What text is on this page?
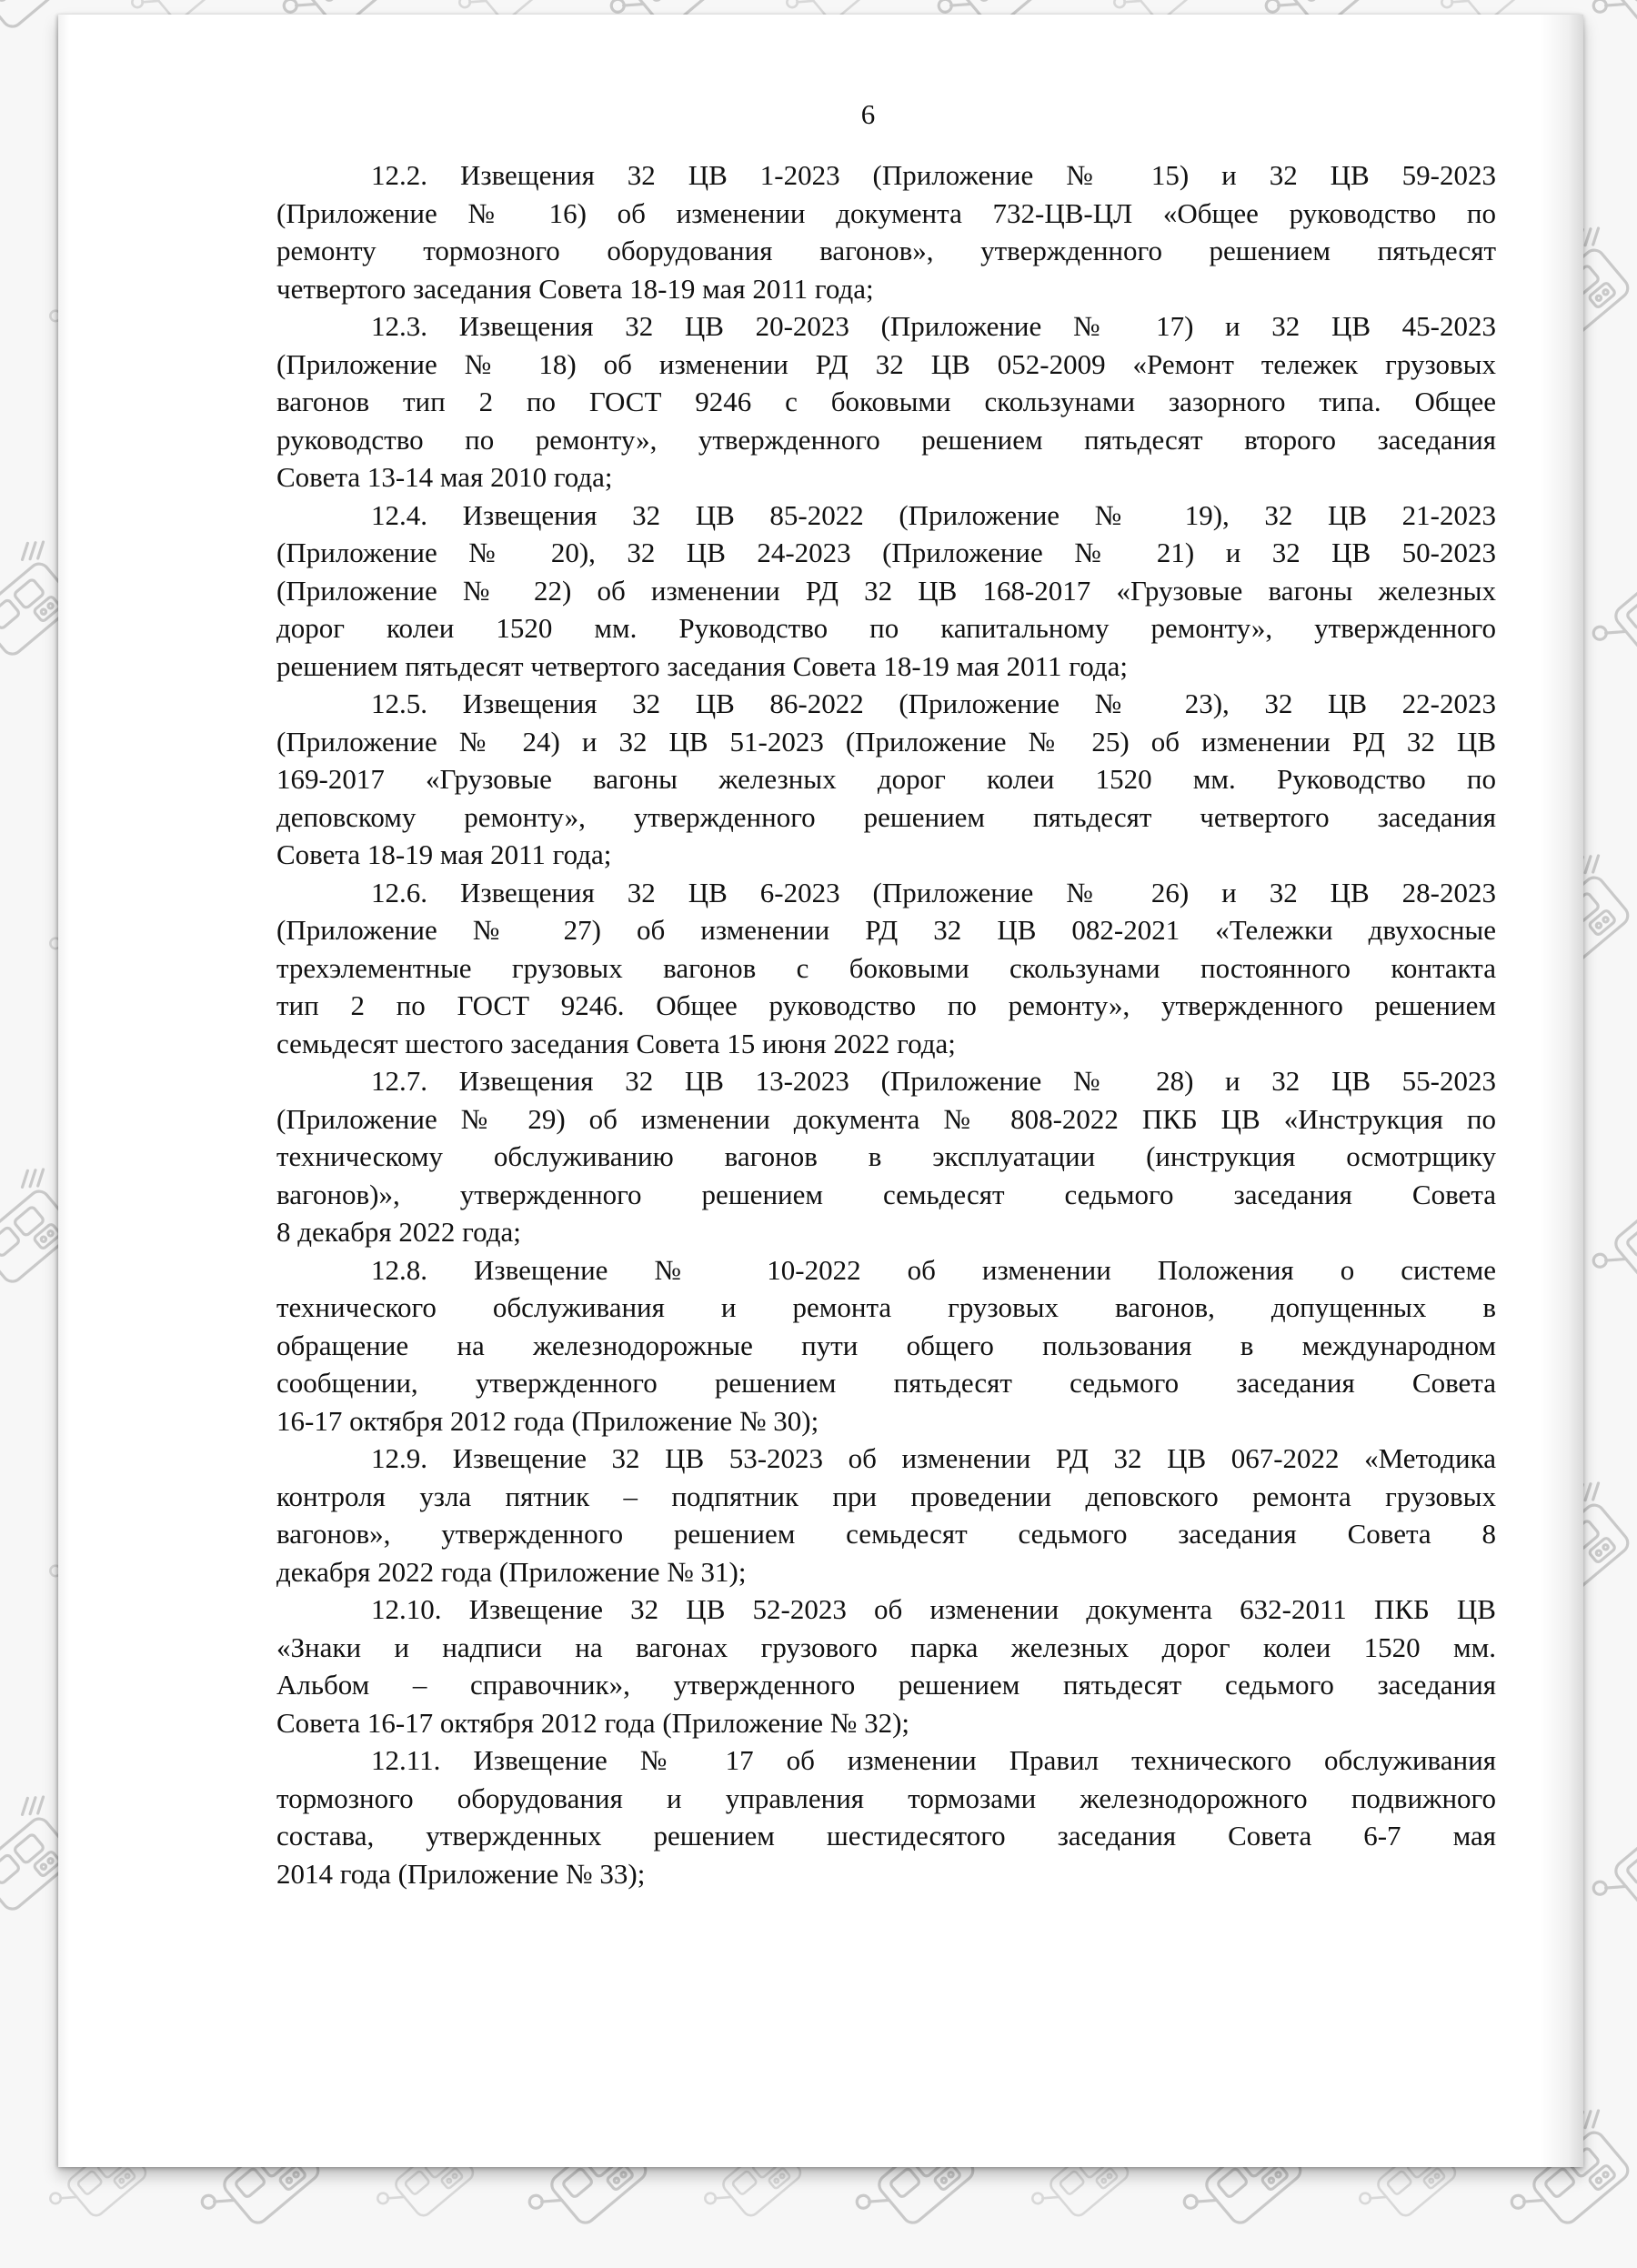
6
12.2. Извещения 32 ЦВ 1-2023 (Приложение № 15) и 32 ЦВ 59-2023
(Приложение № 16) об изменении документа 732-ЦВ-ЦЛ «Общее руководство по
ремонту тормозного оборудования вагонов», утвержденного решением пятьдесят
четвертого заседания Совета 18-19 мая 2011 года;
12.3. Извещения 32 ЦВ 20-2023 (Приложение № 17) и 32 ЦВ 45-2023
(Приложение № 18) об изменении РД 32 ЦВ 052-2009 «Ремонт тележек грузовых
вагонов тип 2 по ГОСТ 9246 с боковыми скользунами зазорного типа. Общее
руководство по ремонту», утвержденного решением пятьдесят второго заседания
Совета 13-14 мая 2010 года;
12.4. Извещения 32 ЦВ 85-2022 (Приложение № 19), 32 ЦВ 21-2023
(Приложение № 20), 32 ЦВ 24-2023 (Приложение № 21) и 32 ЦВ 50-2023
(Приложение № 22) об изменении РД 32 ЦВ 168-2017 «Грузовые вагоны железных
дорог колеи 1520 мм. Руководство по капитальному ремонту», утвержденного
решением пятьдесят четвертого заседания Совета 18-19 мая 2011 года;
12.5. Извещения 32 ЦВ 86-2022 (Приложение № 23), 32 ЦВ 22-2023
(Приложение № 24) и 32 ЦВ 51-2023 (Приложение № 25) об изменении РД 32 ЦВ
169-2017 «Грузовые вагоны железных дорог колеи 1520 мм. Руководство по
деповскому ремонту», утвержденного решением пятьдесят четвертого заседания
Совета 18-19 мая 2011 года;
12.6. Извещения 32 ЦВ 6-2023 (Приложение № 26) и 32 ЦВ 28-2023
(Приложение № 27) об изменении РД 32 ЦВ 082-2021 «Тележки двухосные
трехэлементные грузовых вагонов с боковыми скользунами постоянного контакта
тип 2 по ГОСТ 9246. Общее руководство по ремонту», утвержденного решением
семьдесят шестого заседания Совета 15 июня 2022 года;
12.7. Извещения 32 ЦВ 13-2023 (Приложение № 28) и 32 ЦВ 55-2023
(Приложение № 29) об изменении документа № 808-2022 ПКБ ЦВ «Инструкция по
техническому обслуживанию вагонов в эксплуатации (инструкция осмотрщику
вагонов)», утвержденного решением семьдесят седьмого заседания Совета
8 декабря 2022 года;
12.8. Извещение № 10-2022 об изменении Положения о системе
технического обслуживания и ремонта грузовых вагонов, допущенных в
обращение на железнодорожные пути общего пользования в международном
сообщении, утвержденного решением пятьдесят седьмого заседания Совета
16-17 октября 2012 года (Приложение № 30);
12.9. Извещение 32 ЦВ 53-2023 об изменении РД 32 ЦВ 067-2022 «Методика
контроля узла пятник – подпятник при проведении деповского ремонта грузовых
вагонов», утвержденного решением семьдесят седьмого заседания Совета 8
декабря 2022 года (Приложение № 31);
12.10. Извещение 32 ЦВ 52-2023 об изменении документа 632-2011 ПКБ ЦВ
«Знаки и надписи на вагонах грузового парка железных дорог колеи 1520 мм.
Альбом – справочник», утвержденного решением пятьдесят седьмого заседания
Совета 16-17 октября 2012 года (Приложение № 32);
12.11. Извещение № 17 об изменении Правил технического обслуживания
тормозного оборудования и управления тормозами железнодорожного подвижного
состава, утвержденных решением шестидесятого заседания Совета 6-7 мая
2014 года (Приложение № 33);
